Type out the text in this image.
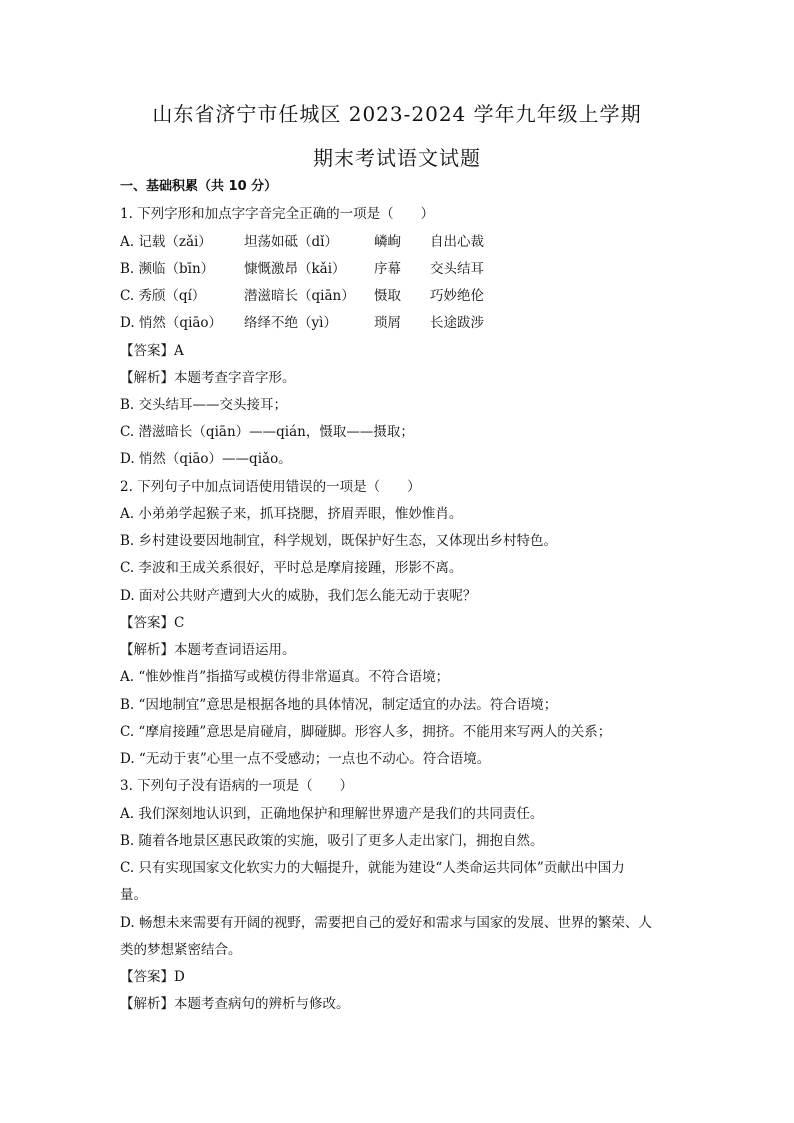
山东省济宁市任城区 2023-2024 学年九年级上学期
期末考试语文试题
一、基础积累（共 10 分）
1. 下列字形和加点字字音完全正确的一项是（　　）
A. 记载（zǎi） 坦荡如砥（dǐ）	嶙峋 自出心裁
B. 濒临（bīn） 慷慨激昂（kǎi） 序幕 交头结耳
C. 秀颀（qí）	潜滋暗长（qiān） 慑取 巧妙绝伦
D. 悄然（qiāo） 络绎不绝（yì）	琐屑 长途跋涉
【答案】A
【解析】本题考查字音字形。
B. 交头结耳——交头接耳；
C. 潜滋暗长（qiān）——qián，慑取——摄取；
D. 悄然（qiāo）——qiǎo。
2. 下列句子中加点词语使用错误的一项是（　　）
A. 小弟弟学起猴子来，抓耳挠腮，挤眉弄眼，惟妙惟肖。
B. 乡村建设要因地制宜，科学规划，既保护好生态，又体现出乡村特色。
C. 李波和王成关系很好，平时总是摩肩接踵，形影不离。
D. 面对公共财产遭到大火的威胁，我们怎么能无动于衷呢？
【答案】C
【解析】本题考查词语运用。
A. “惟妙惟肖”指描写或模仿得非常逼真。不符合语境；
B. “因地制宜”意思是根据各地的具体情况，制定适宜的办法。符合语境；
C. “摩肩接踵”意思是肩碰肩，脚碰脚。形容人多，拥挤。不能用来写两人的关系；
D. “无动于衷”心里一点不受感动；一点也不动心。符合语境。
3. 下列句子没有语病的一项是（　　）
A. 我们深刻地认识到，正确地保护和理解世界遗产是我们的共同责任。
B. 随着各地景区惠民政策的实施，吸引了更多人走出家门，拥抱自然。
C. 只有实现国家文化软实力的大幅提升，就能为建设“人类命运共同体”贡献出中国力
量。
D. 畅想未来需要有开阔的视野，需要把自己的爱好和需求与国家的发展、世界的繁荣、人
类的梦想紧密结合。
【答案】D
【解析】本题考查病句的辨析与修改。
